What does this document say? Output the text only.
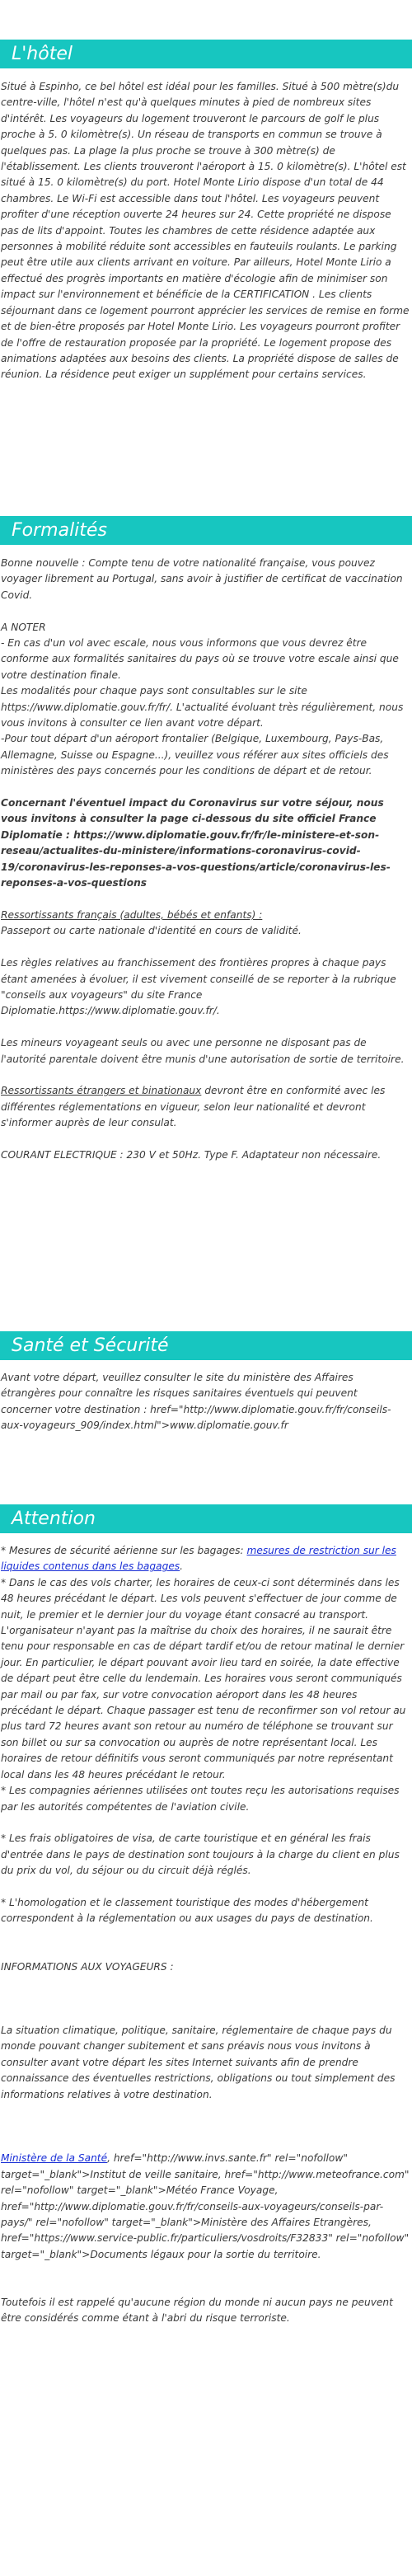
L'hôtel

Situé à Espinho, ce bel hôtel est idéal pour les familles. Situé à 500 mètre(s)du centre-ville, l'hôtel n'est qu'à quelques minutes à pied de nombreux sites d'intérêt. Les voyageurs du logement trouveront le parcours de golf le plus proche à 5. 0 kilomètre(s). Un réseau de transports en commun se trouve à quelques pas. La plage la plus proche se trouve à 300 mètre(s) de l'établissement. Les clients trouveront l'aéroport à 15. 0 kilomètre(s). L'hôtel est situé à 15. 0 kilomètre(s) du port. Hotel Monte Lirio dispose d'un total de 44 chambres. Le Wi-Fi est accessible dans tout l'hôtel. Les voyageurs peuvent profiter d'une réception ouverte 24 heures sur 24. Cette propriété ne dispose pas de lits d'appoint. Toutes les chambres de cette résidence adaptée aux personnes à mobilité réduite sont accessibles en fauteuils roulants. Le parking peut être utile aux clients arrivant en voiture. Par ailleurs, Hotel Monte Lirio a effectué des progrès importants en matière d'écologie afin de minimiser son impact sur l'environnement et bénéficie de la CERTIFICATION . Les clients séjournant dans ce logement pourront apprécier les services de remise en forme et de bien-être proposés par Hotel Monte Lirio. Les voyageurs pourront profiter de l'offre de restauration proposée par la propriété. Le logement propose des animations adaptées aux besoins des clients. La propriété dispose de salles de réunion. La résidence peut exiger un supplément pour certains services.

Formalités

Bonne nouvelle : Compte tenu de votre nationalité française, vous pouvez voyager librement au Portugal, sans avoir à justifier de certificat de vaccination Covid.

A NOTER

- En cas d'un vol avec escale, nous vous informons que vous devrez être conforme aux formalités sanitaires du pays où se trouve votre escale ainsi que votre destination finale.

Les modalités pour chaque pays sont consultables sur le site https://www.diplomatie.gouv.fr/fr/. L'actualité évoluant très régulièrement, nous vous invitons à consulter ce lien avant votre départ.

-Pour tout départ d'un aéroport frontalier (Belgique, Luxembourg, Pays-Bas, Allemagne, Suisse ou Espagne...), veuillez vous référer aux sites officiels des ministères des pays concernés pour les conditions de départ et de retour.

Concernant l'éventuel impact du Coronavirus sur votre séjour, nous vous invitons à consulter la page ci-dessous du site officiel France Diplomatie : https://www.diplomatie.gouv.fr/fr/le-ministere-et-son-reseau/actualites-du-ministere/informations-coronavirus-covid-19/coronavirus-les-reponses-a-vos-questions/article/coronavirus-les-reponses-a-vos-questions

Ressortissants français (adultes, bébés et enfants) :

Passeport ou carte nationale d'identité en cours de validité.

Les règles relatives au franchissement des frontières propres à chaque pays étant amenées à évoluer, il est vivement conseillé de se reporter à la rubrique "conseils aux voyageurs" du site France Diplomatie.https://www.diplomatie.gouv.fr/.

Les mineurs voyageant seuls ou avec une personne ne disposant pas de l'autorité parentale doivent être munis d'une autorisation de sortie de territoire.

Ressortissants étrangers et binationaux devront être en conformité avec les différentes réglementations en vigueur, selon leur nationalité et devront s'informer auprès de leur consulat.

COURANT ELECTRIQUE : 230 V et 50Hz. Type F. Adaptateur non nécessaire.

Santé et Sécurité

Avant votre départ, veuillez consulter le site du ministère des Affaires étrangères pour connaître les risques sanitaires éventuels qui peuvent concerner votre destination : href="http://www.diplomatie.gouv.fr/fr/conseils-aux-voyageurs_909/index.html">www.diplomatie.gouv.fr

Attention

* Mesures de sécurité aérienne sur les bagages: mesures de restriction sur les liquides contenus dans les bagages.

* Dans le cas des vols charter, les horaires de ceux-ci sont déterminés dans les 48 heures précédant le départ. Les vols peuvent s'effectuer de jour comme de nuit, le premier et le dernier jour du voyage étant consacré au transport. L'organisateur n'ayant pas la maîtrise du choix des horaires, il ne saurait être tenu pour responsable en cas de départ tardif et/ou de retour matinal le dernier jour. En particulier, le départ pouvant avoir lieu tard en soirée, la date effective de départ peut être celle du lendemain. Les horaires vous seront communiqués par mail ou par fax, sur votre convocation aéroport dans les 48 heures précédant le départ. Chaque passager est tenu de reconfirmer son vol retour au plus tard 72 heures avant son retour au numéro de téléphone se trouvant sur son billet ou sur sa convocation ou auprès de notre représentant local. Les horaires de retour définitifs vous seront communiqués par notre représentant local dans les 48 heures précédant le retour.

* Les compagnies aériennes utilisées ont toutes reçu les autorisations requises par les autorités compétentes de l'aviation civile.

* Les frais obligatoires de visa, de carte touristique et en général les frais d'entrée dans le pays de destination sont toujours à la charge du client en plus du prix du vol, du séjour ou du circuit déjà réglés.

* L'homologation et le classement touristique des modes d'hébergement correspondent à la réglementation ou aux usages du pays de destination.

INFORMATIONS AUX VOYAGEURS :

La situation climatique, politique, sanitaire, réglementaire de chaque pays du monde pouvant changer subitement et sans préavis nous vous invitons à consulter avant votre départ les sites Internet suivants afin de prendre connaissance des éventuelles restrictions, obligations ou tout simplement des informations relatives à votre destination.

Ministère de la Santé, href="http://www.invs.sante.fr" rel="nofollow" target="_blank">Institut de veille sanitaire, href="http://www.meteofrance.com" rel="nofollow" target="_blank">Météo France Voyage, href="http://www.diplomatie.gouv.fr/fr/conseils-aux-voyageurs/conseils-par-pays/" rel="nofollow" target="_blank">Ministère des Affaires Etrangères, href="https://www.service-public.fr/particuliers/vosdroits/F32833" rel="nofollow" target="_blank">Documents légaux pour la sortie du territoire.

Toutefois il est rappelé qu'aucune région du monde ni aucun pays ne peuvent être considérés comme étant à l'abri du risque terroriste.
